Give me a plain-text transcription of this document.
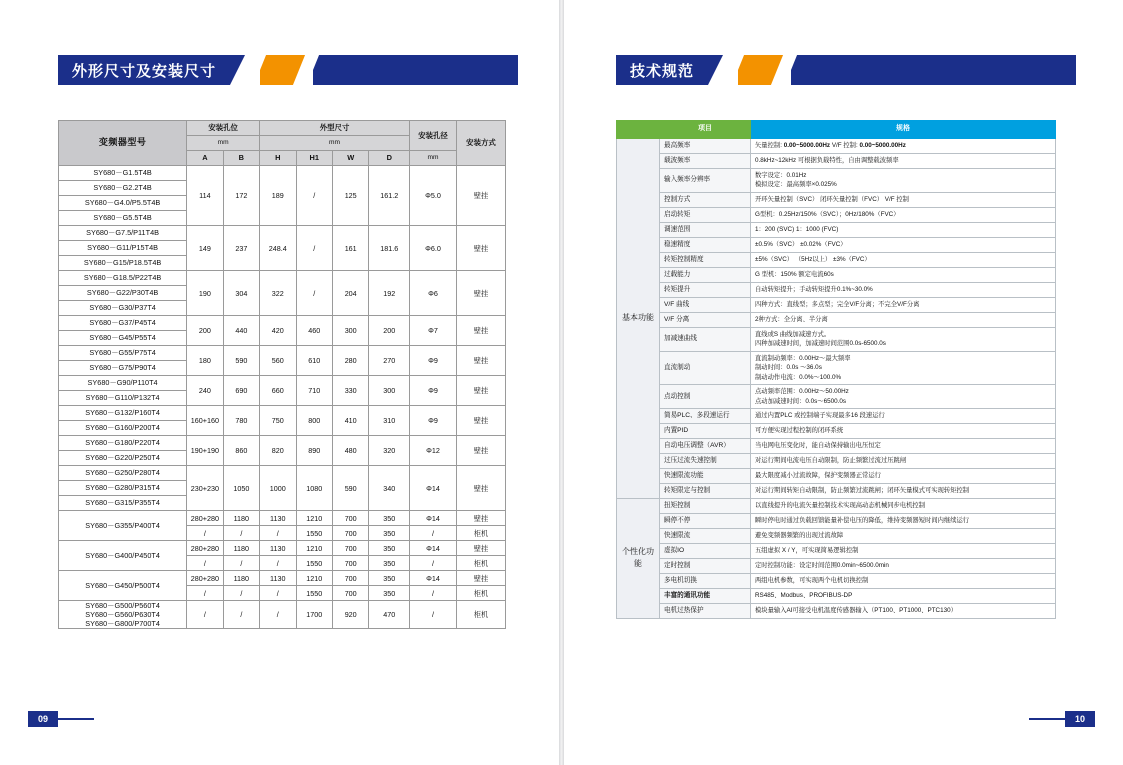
外形尺寸及安装尺寸	技术规范
变频器型号	安装孔位		外型尺寸				安装孔径	安装方式
	mm		mm					
	A	B	H	H1	W	D	mm	
SY680－G1.5T4B	114	172	189	/	125	161.2	Φ5.0	壁挂
SY680－G2.2T4B								
SY680－G4.0/P5.5T4B								
SY680－G5.5T4B								
SY680－G7.5/P11T4B	149	237	248.4	/	161	181.6	Φ6.0	壁挂
SY680－G11/P15T4B								
SY680－G15/P18.5T4B								
SY680－G18.5/P22T4B	190	304	322	/	204	192	Φ6	壁挂
SY680－G22/P30T4B								
SY680－G30/P37T4								
SY680－G37/P45T4	200	440	420	460	300	200	Φ7	壁挂
SY680－G45/P55T4								
SY680－G55/P75T4	180	590	560	610	280	270	Φ9	壁挂
SY680－G75/P90T4								
SY680－G90/P110T4	240	690	660	710	330	300	Φ9	壁挂
SY680－G110/P132T4								
SY680－G132/P160T4	160+160	780	750	800	410	310	Φ9	壁挂
SY680－G160/P200T4								
SY680－G180/P220T4	190+190	860	820	890	480	320	Φ12	壁挂
SY680－G220/P250T4								
SY680－G250/P280T4	230+230	1050	1000	1080	590	340	Φ14	壁挂
SY680－G280/P315T4								
SY680－G315/P355T4								

SY680－G355/P400T4	280+280	1180	1130	1210	700	350	Φ14	壁挂
	/	/	/	1550	700	350	/	柜机

SY680－G400/P450T4	280+280	1180	1130	1210	700	350	Φ14	壁挂
	/	/	/	1550	700	350	/	柜机

SY680－G450/P500T4	280+280	1180	1130	1210	700	350	Φ14	壁挂
	/	/	/	1550	700	350	/	柜机

SY680－G500/P560T4
SY680－G560/P630T4
SY680－G800/P700T4	/	/	/	1700	920	470	/	柜机
	项目	规格
基本功能	最高频率	矢量控制: 0.00~5000.00Hz V/F 控制: 0.00~5000.00Hz

	载波频率	0.8kHz~12kHz 可根据负载特性，自由调整载波频率

	输入频率分辨率	数字设定：0.01Hz
模拟设定：最高频率×0.025%

	控制方式	开环矢量控制（SVC） 闭环矢量控制（FVC） V/F 控制

	启动转矩	G型机：0.25Hz/150%（SVC）；0Hz/180%（FVC）

	调速范围	1：200 (SVC) 1：1000 (FVC)

	稳速精度	±0.5%（SVC） ±0.02%（FVC）

	转矩控制精度	±5%（SVC） （5Hz以上） ±3%（FVC）

	过载能力	G 型机：150% 额定电流60s

	转矩提升	自动转矩提升；手动转矩提升0.1%~30.0%

	V/F 曲线	四种方式：直线型；多点型；完全V/F分离；不完全V/F分离

	V/F 分离	2种方式：全分离、半分离

	加减速曲线	直线或S 曲线加减速方式。
四种加减速时间，加减速时间范围0.0s-6500.0s

	直流制动	直流制动频率：0.00Hz～最大频率
制动时间：0.0s ～36.0s
制动动作电流：0.0%～100.0%

	点动控制	点动频率范围：0.00Hz～50.00Hz
点动加减速时间：0.0s～6500.0s

	简易PLC、多段速运行	通过内置PLC 或控制端子实现最多16 段速运行

	内置PID	可方便实现过程控制的闭环系统

	自动电压调整（AVR）	当电网电压变化时，能自动保持输出电压恒定

	过压过流失速控制	对运行期间电流电压自动限制，防止频繁过流过压跳闸

	快速限流功能	最大限度减小过流故障，保护变频器正常运行

	转矩限定与控制	对运行期间转矩自动限制，防止频繁过流跳闸；闭环矢量模式可实现转矩控制

个性化功能	扭矩控制	以直线提升的电流矢量控制技术实现高动态机械同步电机控制

	瞬停不停	瞬时停电时通过负载回馈能量补偿电压的降低，维持变频器短时间内继续运行

	快速限流	避免变频器频繁的出现过流故障

	虚拟IO	五组虚拟 X / Y，可实现简易逻辑控制

	定时控制	定时控制功能：设定时间范围0.0min~6500.0min

	多电机切换	两组电机参数，可实现两个电机切换控制

	丰富的通讯功能	RS485、Modbus、PROFIBUS-DP

	电机过热保护	模块量输入AI可接受电机温度传感器输入（PT100、PT1000、PTC130）
09	10
